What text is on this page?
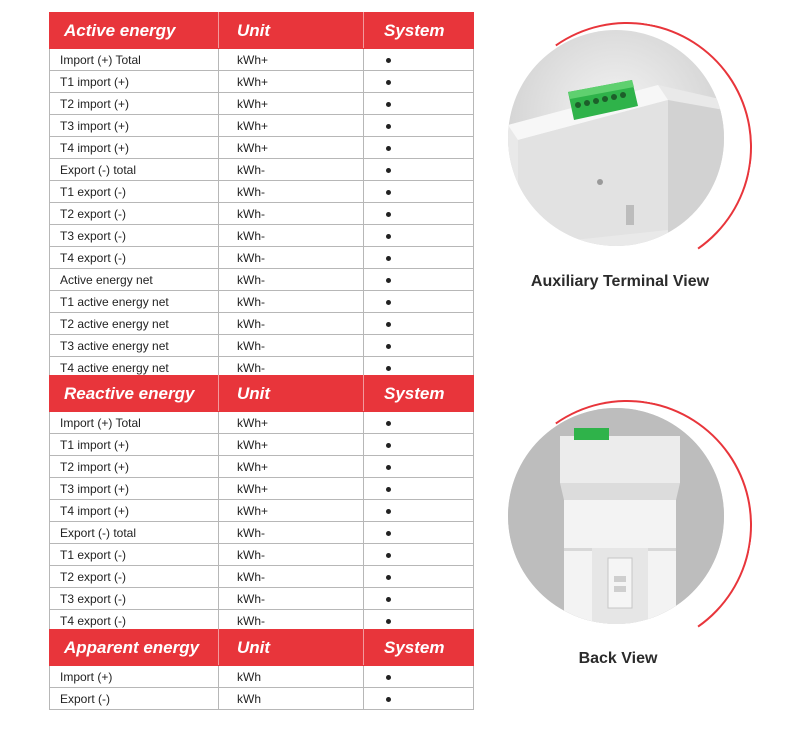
Active energy	Unit	System
Import (+) Total	kWh+	
T1 import (+)	kWh+	
T2 import (+)	kWh+	
T3 import (+)	kWh+	
T4 import (+)	kWh+	
Export (-) total	kWh-	
T1 export (-)	kWh-	
T2 export (-)	kWh-	
T3 export (-)	kWh-	
T4 export (-)	kWh-	
Active energy net	kWh-	
T1 active energy net	kWh-	
T2 active energy net	kWh-	
T3 active energy net	kWh-	
T4 active energy net	kWh-	
Reactive energy	Unit	System
Import (+) Total	kWh+	
T1 import (+)	kWh+	
T2 import (+)	kWh+	
T3 import (+)	kWh+	
T4 import (+)	kWh+	
Export (-) total	kWh-	
T1 export (-)	kWh-	
T2 export (-)	kWh-	
T3 export (-)	kWh-	
T4 export (-)	kWh-	
Apparent energy	Unit	System
Import (+)	kWh	
Export (-)	kWh	
Auxiliary Terminal View
Back View
